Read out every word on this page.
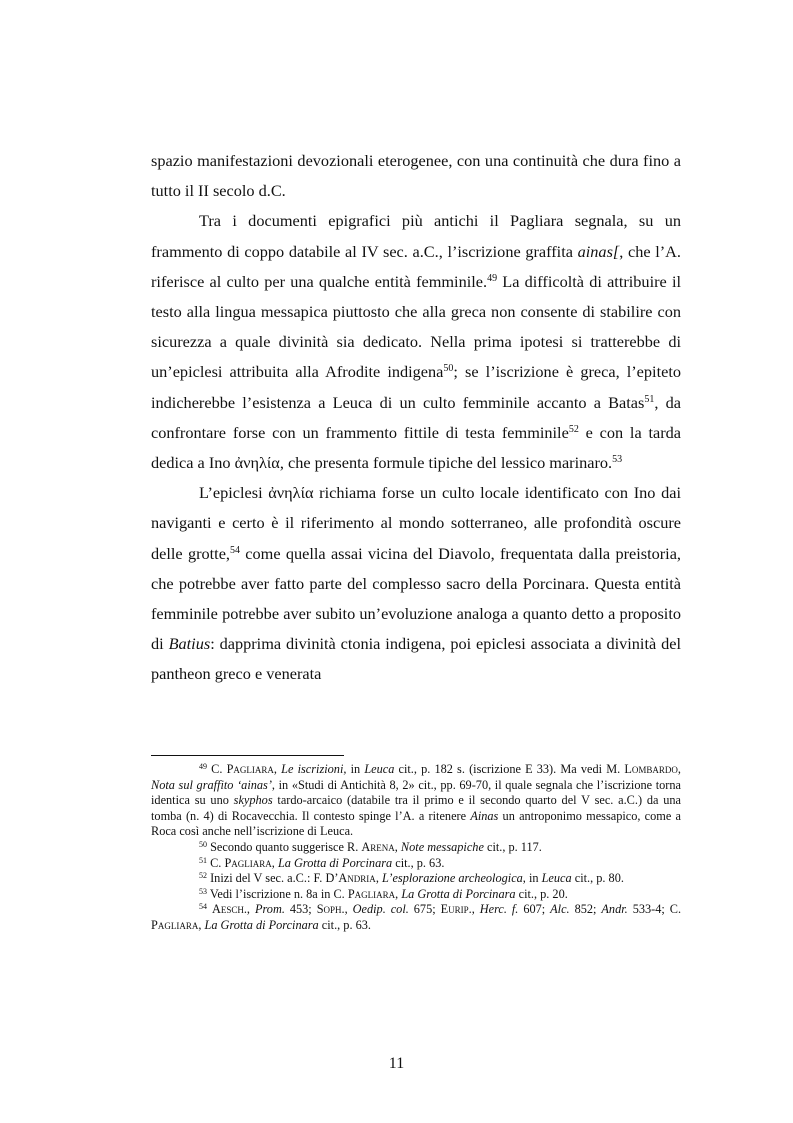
spazio manifestazioni devozionali eterogenee, con una continuità che dura fino a tutto il II secolo d.C.

Tra i documenti epigrafici più antichi il Pagliara segnala, su un frammento di coppo databile al IV sec. a.C., l’iscrizione graffita ainas[, che l’A. riferisce al culto per una qualche entità femminile.$^{49}$ La difficoltà di attribuire il testo alla lingua messapica piuttosto che alla greca non consente di stabilire con sicurezza a quale divinità sia dedicato. Nella prima ipotesi si tratterebbe di un’epiclesi attribuita alla Afrodite indigena$^{50}$; se l’iscrizione è greca, l’epiteto indicherebbe l’esistenza a Leuca di un culto femminile accanto a Batas$^{51}$, da confrontare forse con un frammento fittile di testa femminile$^{52}$ e con la tarda dedica a Ino ἀνηλία, che presenta formule tipiche del lessico marinaro.$^{53}$

L’epiclesi ἀνηλία richiama forse un culto locale identificato con Ino dai naviganti e certo è il riferimento al mondo sotterraneo, alle profondità oscure delle grotte,$^{54}$ come quella assai vicina del Diavolo, frequentata dalla preistoria, che potrebbe aver fatto parte del complesso sacro della Porcinara. Questa entità femminile potrebbe aver subito un’evoluzione analoga a quanto detto a proposito di Batius: dapprima divinità ctonia indigena, poi epiclesi associata a divinità del pantheon greco e venerata

$^{49}$ C. Pagliara, Le iscrizioni, in Leuca cit., p. 182 s. (iscrizione E 33). Ma vedi M. Lombardo, Nota sul graffito ‘ainas’, in «Studi di Antichità 8, 2» cit., pp. 69-70, il quale segnala che l’iscrizione torna identica su uno skyphos tardo-arcaico (databile tra il primo e il secondo quarto del V sec. a.C.) da una tomba (n. 4) di Rocavecchia. Il contesto spinge l’A. a ritenere Ainas un antroponimo messapico, come a Roca così anche nell’iscrizione di Leuca.

$^{50}$ Secondo quanto suggerisce R. Arena, Note messapiche cit., p. 117.

$^{51}$ C. Pagliara, La Grotta di Porcinara cit., p. 63.

$^{52}$ Inizi del V sec. a.C.: F. D’Andria, L’esplorazione archeologica, in Leuca cit., p. 80.

$^{53}$ Vedi l’iscrizione n. 8a in C. Pagliara, La Grotta di Porcinara cit., p. 20.

$^{54}$ Aesch., Prom. 453; Soph., Oedip. col. 675; Eurip., Herc. f. 607; Alc. 852; Andr. 533-4; C. Pagliara, La Grotta di Porcinara cit., p. 63.

11
